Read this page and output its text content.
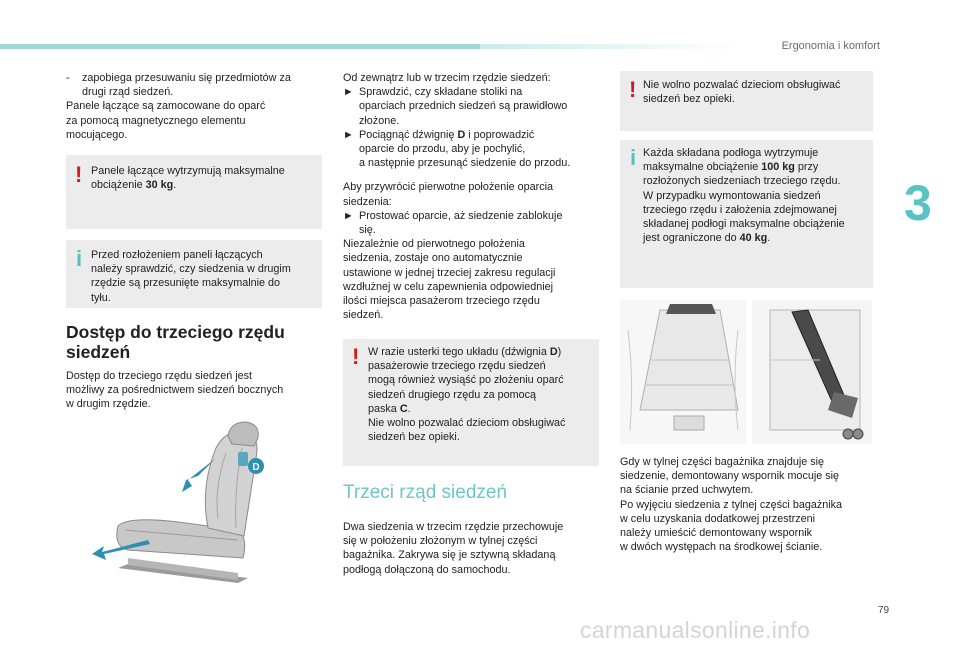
Ergonomia i komfort
3
-	zapobiega przesuwaniu się przedmiotów za

drugi rząd siedzeń.

Panele łączące są zamocowane do oparć

za pomocą magnetycznego elementu

mocującego.

! Panele łączące wytrzymują maksymalne

obciążenie 30 kg.

i Przed rozłożeniem paneli łączących

należy sprawdzić, czy siedzenia w drugim

rzędzie są przesunięte maksymalnie do

tyłu.

Dostęp do trzeciego rzędu
siedzeń

Dostęp do trzeciego rzędu siedzeń jest

możliwy za pośrednictwem siedzeń bocznych

w drugim rzędzie.

D

Od zewnątrz lub w trzecim rzędzie siedzeń:

► Sprawdzić, czy składane stoliki na

oparciach przednich siedzeń są prawidłowo

złożone.

► Pociągnąć dźwignię D i poprowadzić

oparcie do przodu, aby je pochylić,

a następnie przesunąć siedzenie do przodu.

Aby przywrócić pierwotne położenie oparcia

siedzenia:

► Prostować oparcie, aż siedzenie zablokuje

się.

Niezależnie od pierwotnego położenia

siedzenia, zostaje ono automatycznie

ustawione w jednej trzeciej zakresu regulacji

wzdłużnej w celu zapewnienia odpowiedniej

ilości miejsca pasażerom trzeciego rzędu

siedzeń.

! W razie usterki tego układu (dźwignia D)

pasażerowie trzeciego rzędu siedzeń

mogą również wysiąść po złożeniu oparć

siedzeń drugiego rzędu za pomocą

paska C.

Nie wolno pozwalać dzieciom obsługiwać

siedzeń bez opieki.

Trzeci rząd siedzeń

Dwa siedzenia w trzecim rzędzie przechowuje

się w położeniu złożonym w tylnej części

bagażnika. Zakrywa się je sztywną składaną

podłogą dołączoną do samochodu.

! Nie wolno pozwalać dzieciom obsługiwać

siedzeń bez opieki.

i Każda składana podłoga wytrzymuje

maksymalne obciążenie 100 kg przy

rozłożonych siedzeniach trzeciego rzędu.

W przypadku wymontowania siedzeń

trzeciego rzędu i założenia zdejmowanej

składanej podłogi maksymalne obciążenie

jest ograniczone do 40 kg.

Gdy w tylnej części bagażnika znajduje się

siedzenie, demontowany wspornik mocuje się

na ścianie przed uchwytem.

Po wyjęciu siedzenia z tylnej części bagażnika

w celu uzyskania dodatkowej przestrzeni

należy umieścić demontowany wspornik

w dwóch występach na środkowej ścianie.

79
carmanualsonline.info
